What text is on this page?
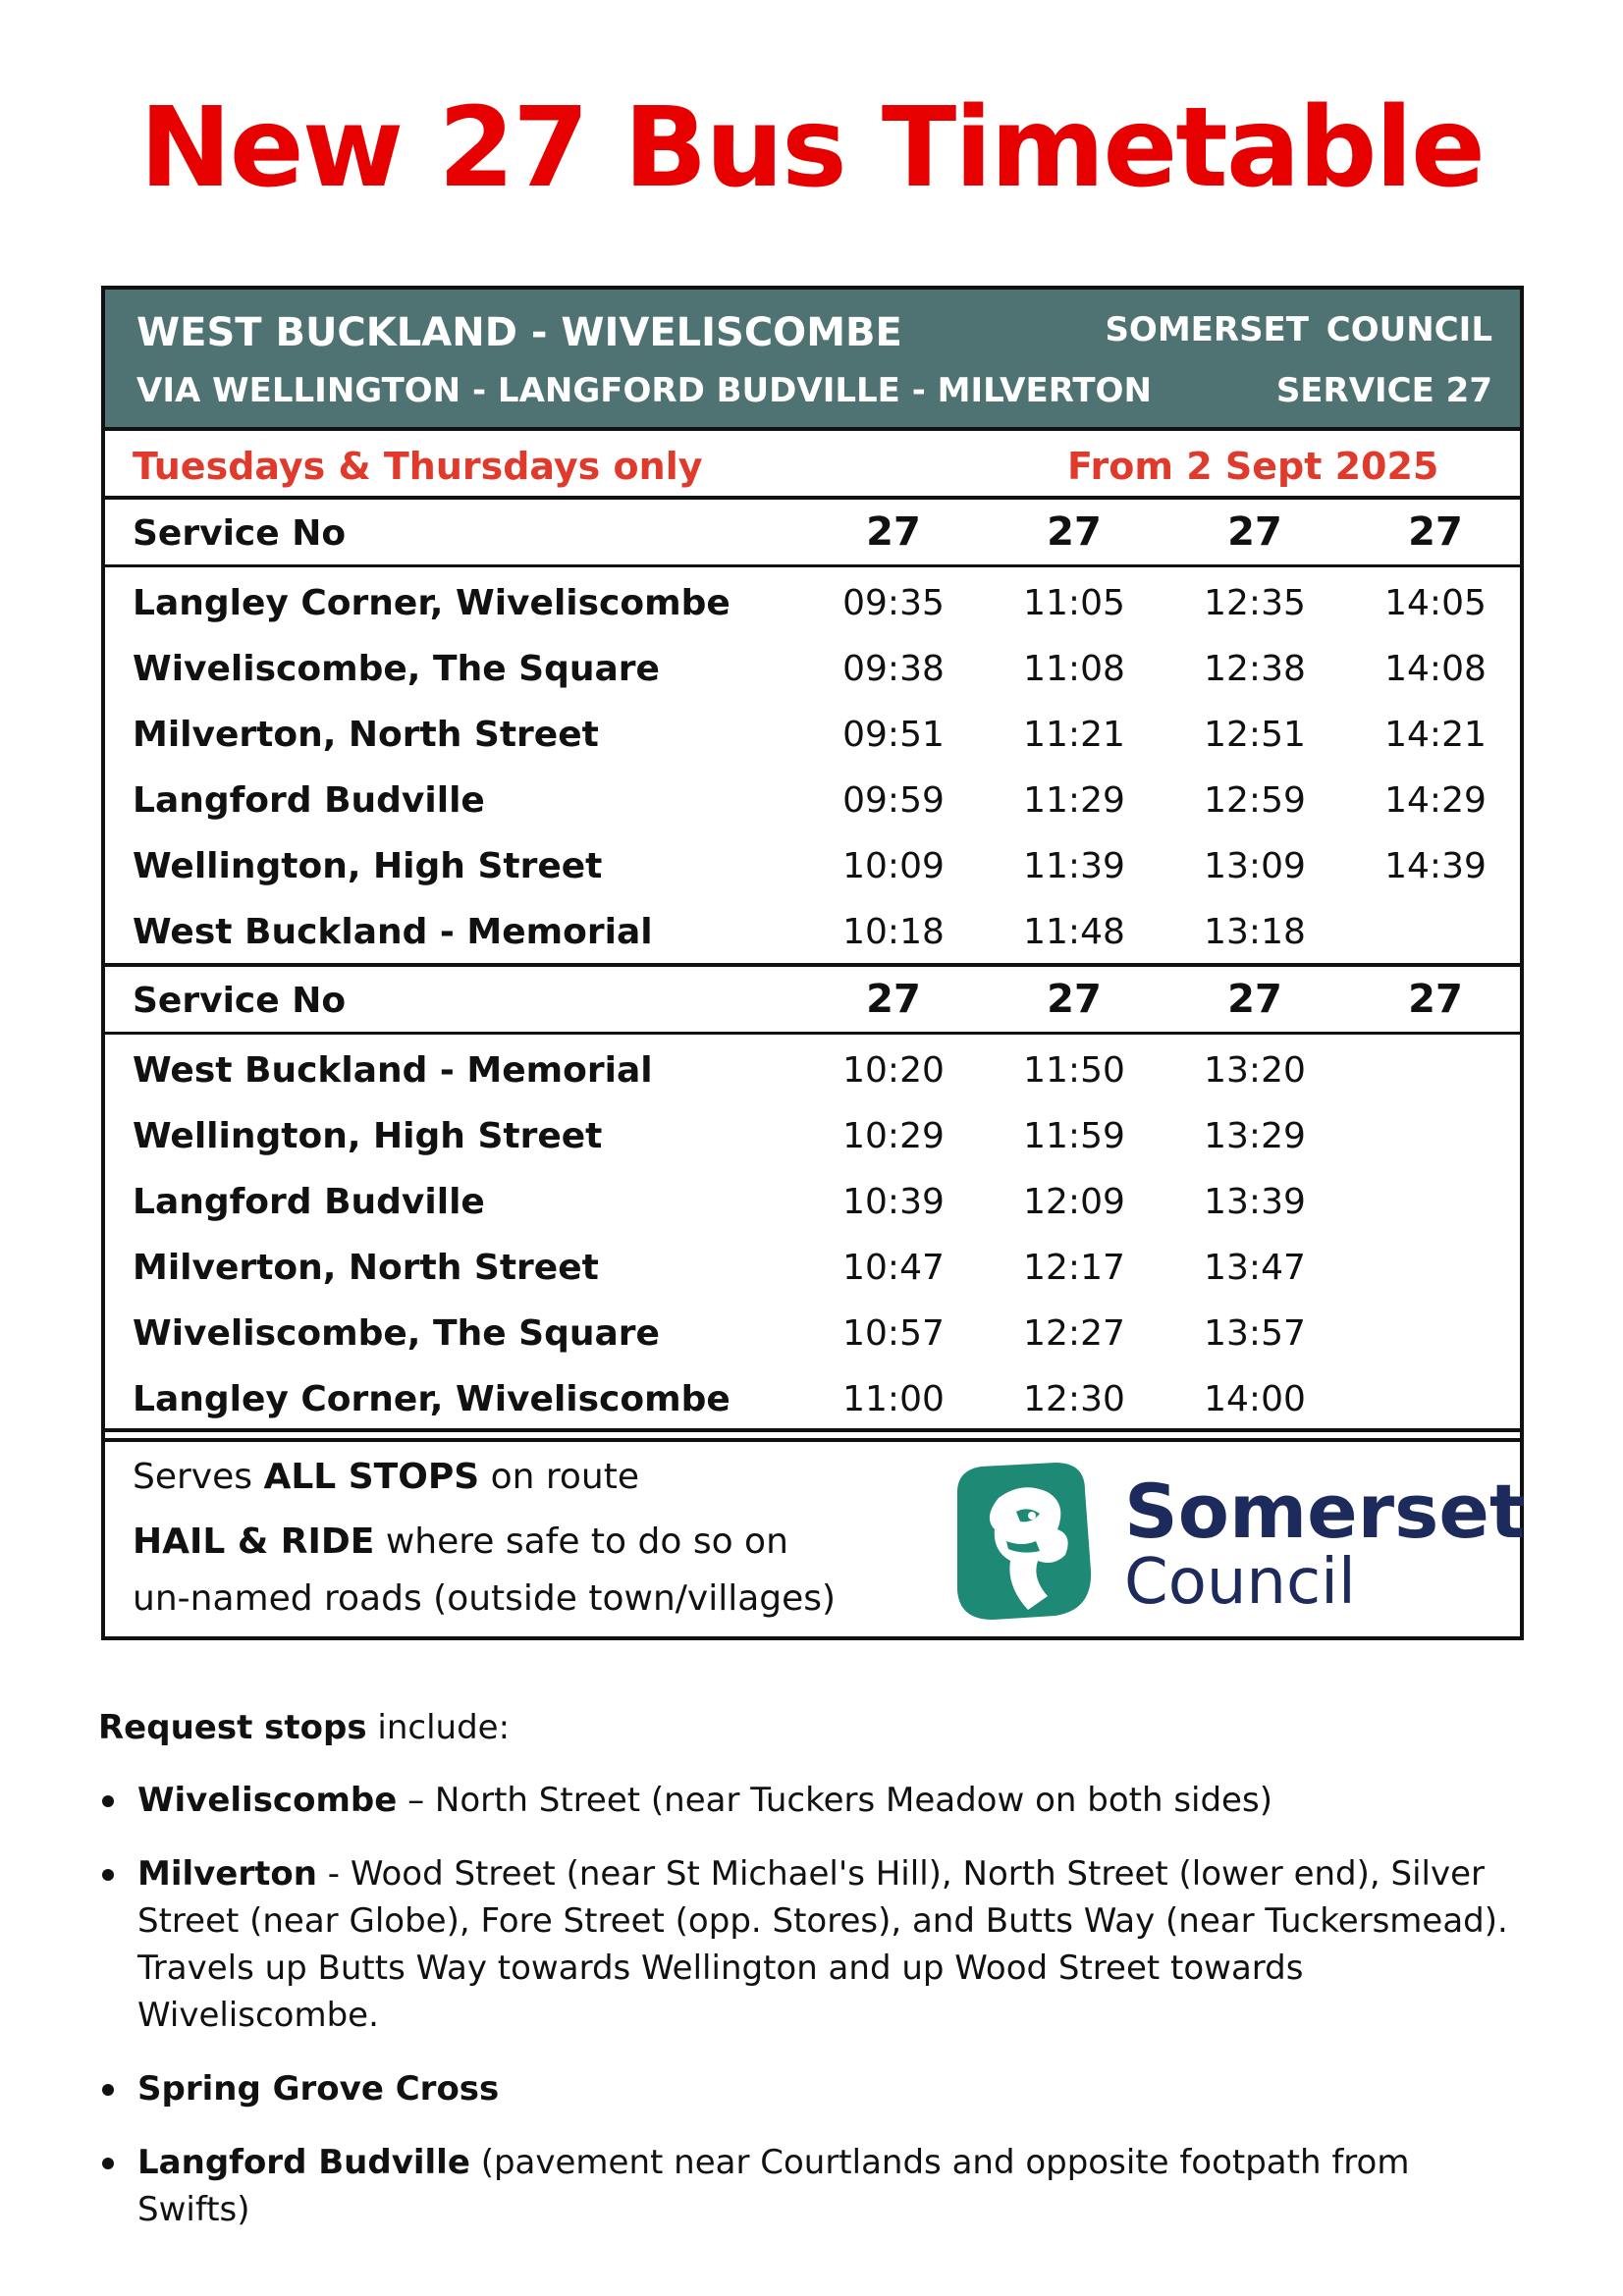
New 27 Bus Timetable
WEST BUCKLAND - WIVELISCOMBE
VIA WELLINGTON - LANGFORD BUDVILLE - MILVERTON
SOMERSET COUNCIL
SERVICE 27
Tuesdays & Thursdays only	From 2 Sept 2025
Service No	27	27	27	27
Langley Corner, Wiveliscombe	09:35	11:05	12:35	14:05
Wiveliscombe, The Square	09:38	11:08	12:38	14:08
Milverton, North Street	09:51	11:21	12:51	14:21
Langford Budville	09:59	11:29	12:59	14:29
Wellington, High Street	10:09	11:39	13:09	14:39
West Buckland - Memorial	10:18	11:48	13:18
Service No	27	27	27	27
West Buckland - Memorial	10:20	11:50	13:20
Wellington, High Street	10:29	11:59	13:29
Langford Budville	10:39	12:09	13:39
Milverton, North Street	10:47	12:17	13:47
Wiveliscombe, The Square	10:57	12:27	13:57
Langley Corner, Wiveliscombe	11:00	12:30	14:00
Serves ALL STOPS on route
HAIL & RIDE where safe to do so on
un-named roads (outside town/villages)
Somerset
Council
Request stops include:
Wiveliscombe – North Street (near Tuckers Meadow on both sides)
Milverton - Wood Street (near St Michael's Hill), North Street (lower end), Silver Street (near Globe), Fore Street (opp. Stores), and Butts Way (near Tuckersmead). Travels up Butts Way towards Wellington and up Wood Street towards Wiveliscombe.
Spring Grove Cross
Langford Budville (pavement near Courtlands and opposite footpath from Swifts)
